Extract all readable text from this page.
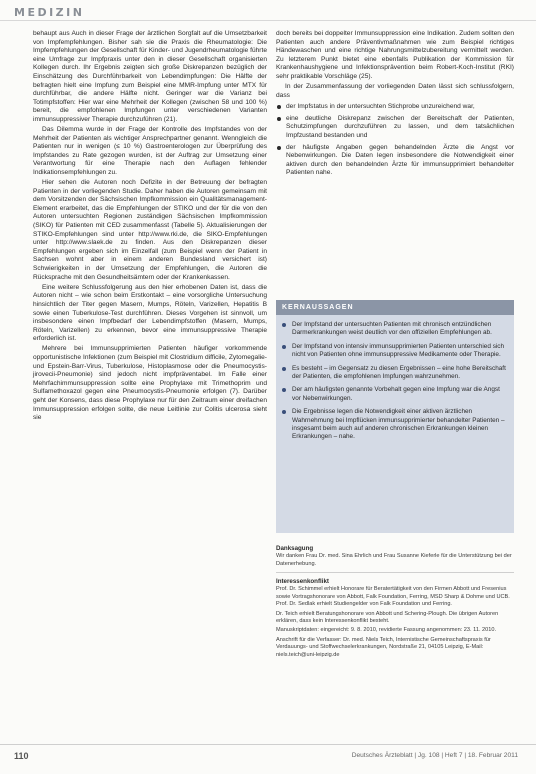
MEDIZIN

behaupt aus Auch in dieser Frage der ärztlichen Sorgfalt auf die Umsetzbarkeit von Impfempfehlungen. Bisher sah sie die Praxis die Rheumatologie: Die Impfempfehlungen der Gesellschaft für Kinder- und Jugendrheumatologie führte eine Umfrage zur Impfpraxis unter den in dieser Gesellschaft organisierten Kollegen durch. Ihr Ergebnis zeigten sich große Diskrepanzen bezüglich der Einschätzung des Durchführbarkeit von Lebendimpfungen: Die Hälfte der befragten hielt eine Impfung zum Beispiel eine MMR-Impfung unter MTX für durchführbar, die andere Hälfte nicht. Geringer war die Varianz bei Totimpfstoffen: Hier war eine Mehrheit der Kollegen (zwischen 58 und 100 %) bereit, die empfohlenen Impfungen unter verschiedenen Varianten immunsuppressiver Therapie durchzuführen (21).

Das Dilemma wurde in der Frage der Kontrolle des Impfstandes von der Mehrheit der Patienten als wichtiger Ansprechpartner genannt. Wenngleich die Patienten nur in wenigen (≤ 10 %) Gastroenterologen zur Überprüfung des Impfstandes zu Rate gezogen wurden, ist der Auftrag zur Umsetzung einer Verantwortung für eine Therapie nach den Auflagen fehlender Indikationsempfehlungen zu.

Hier sehen die Autoren noch Defizite in der Betreuung der befragten Patienten in der vorliegenden Studie. Daher haben die Autoren gemeinsam mit dem Vorsitzenden der Sächsischen Impfkommission ein Qualitätsmanagement-Element erarbeitet, das die Empfehlungen der STIKO und der für die von den Autoren untersuchten Regionen zuständigen Sächsischen Impfkommission (SIKO) für Patienten mit CED zusammenfasst (Tabelle 5). Aktualisierungen der STIKO-Empfehlungen sind unter http://www.rki.de, die SIKO-Empfehlungen unter http://www.slaek.de zu finden. Aus den Diskrepanzen dieser Empfehlungen ergeben sich im Einzelfall (zum Beispiel wenn der Patient in Sachsen wohnt aber in einem anderen Bundesland versichert ist) Schwierigkeiten in der Umsetzung der Empfehlungen, die Autoren die Rücksprache mit den Gesundheitsämtern oder der Krankenkassen.

Eine weitere Schlussfolgerung aus den hier erhobenen Daten ist, dass die Autoren nicht – wie schon beim Erstkontakt – eine vorsorgliche Untersuchung hinsichtlich der Titer gegen Masern, Mumps, Röteln, Varizellen, Hepatitis B sowie einen Tuberkulose-Test durchführen. Dieses Vorgehen ist sinnvoll, um insbesondere einen Impfbedarf der Lebendimpfstoffen (Masern, Mumps, Röteln, Varizellen) zu erkennen, bevor eine immunsuppressive Therapie erforderlich ist.

Mehrere bei Immunsupprimierten Patienten häufiger vorkommende opportunistische Infektionen (zum Beispiel mit Clostridium difficile, Zytomegalie- und Epstein-Barr-Virus, Tuberkulose, Histoplasmose oder die Pneumocystis-jirovecii-Pneumonie) sind jedoch nicht impfpräventabel. Im Falle einer Mehrfachimmunsuppression sollte eine Prophylaxe mit Trimethoprim und Sulfamethoxazol gegen eine Pneumocystis-Pneumonie erfolgen (7). Darüber geht der Konsens, dass diese Prophylaxe nur für den Zeitraum einer dreifachen Immunsuppression erfolgen sollte, die neue Leitlinie zur Colitis ulcerosa sieht sie

doch bereits bei doppelter Immunsuppression eine Indikation. Zudem sollten den Patienten auch andere Präventivmaßnahmen wie zum Beispiel richtiges Händewaschen und eine richtige Nahrungsmittelzubereitung vermittelt werden. Zu letzterem Punkt bietet eine ebenfalls Publikation der Kommission für Krankenhaushygiene und Infektionsprävention beim Robert-Koch-Institut (RKI) sehr praktikable Vorschläge (25).

In der Zusammenfassung der vorliegenden Daten lässt sich schlussfolgern, dass

der Impfstatus in der untersuchten Stichprobe unzureichend war,
eine deutliche Diskrepanz zwischen der Bereitschaft der Patienten, Schutzimpfungen durchzuführen zu lassen, und dem tatsächlichen Impfzustand bestanden und
der häufigste Angaben gegen behandelnden Ärzte die Angst vor Nebenwirkungen. Die Daten legen insbesondere die Notwendigkeit einer aktiven durch den behandelnden Ärzte für immunsupprimiert behandelter Patienten nahe.
KERNAUSSAGEN
Der Impfstand der untersuchten Patienten mit chronisch entzündlichen Darmerkrankungen weist deutlich vor den offiziellen Empfehlungen ab.
Der Impfstand von intensiv immunsupprimierten Patienten unterschied sich nicht von Patienten ohne immunsuppressive Medikamente oder Therapie.
Es besteht – im Gegensatz zu diesen Ergebnissen – eine hohe Bereitschaft der Patienten, die empfohlenen Impfungen wahrzunehmen.
Der am häufigsten genannte Vorbehalt gegen eine Impfung war die Angst vor Nebenwirkungen.
Die Ergebnisse legen die Notwendigkeit einer aktiven ärztlichen Wahrnehmung bei Impflücken immunsupprimierter behandelter Patienten – insgesamt beim auch auf anderen chronischen Erkrankungen kleinen Erkrankungen – nahe.
Danksagung

Wir danken Frau Dr. med. Sina Ehrlich und Frau Susanne Kieferle für die Unterstützung bei der Datenerhebung.

Interessenkonflikt

Prof. Dr. Schimmel erhielt Honorare für Beratertätigkeit von den Firmen Abbott und Fresenius sowie Vortragshonorare von Abbott, Falk Foundation, Ferring, MSD Sharp & Dohme und UCB. Prof. Dr. Sedlak erhielt Studiengelder von Falk Foundation und Ferring.

Dr. Teich erhielt Beratungshonorare von Abbott und Schering-Plough. Die übrigen Autoren erklären, dass kein Interessenkonflikt besteht.

Manuskriptdaten: eingereicht: 9. 8. 2010, revidierte Fassung angenommen: 23. 11. 2010.

Anschrift für die Verfasser: Dr. med. Niels Teich, Internistische Gemeinschaftspraxis für Verdauungs- und Stoffwechselerkrankungen, Nordstraße 21, 04105 Leipzig, E-Mail: niels.teich@uni-leipzig.de

110	Deutsches Ärzteblatt | Jg. 108 | Heft 7 | 18. Februar 2011
